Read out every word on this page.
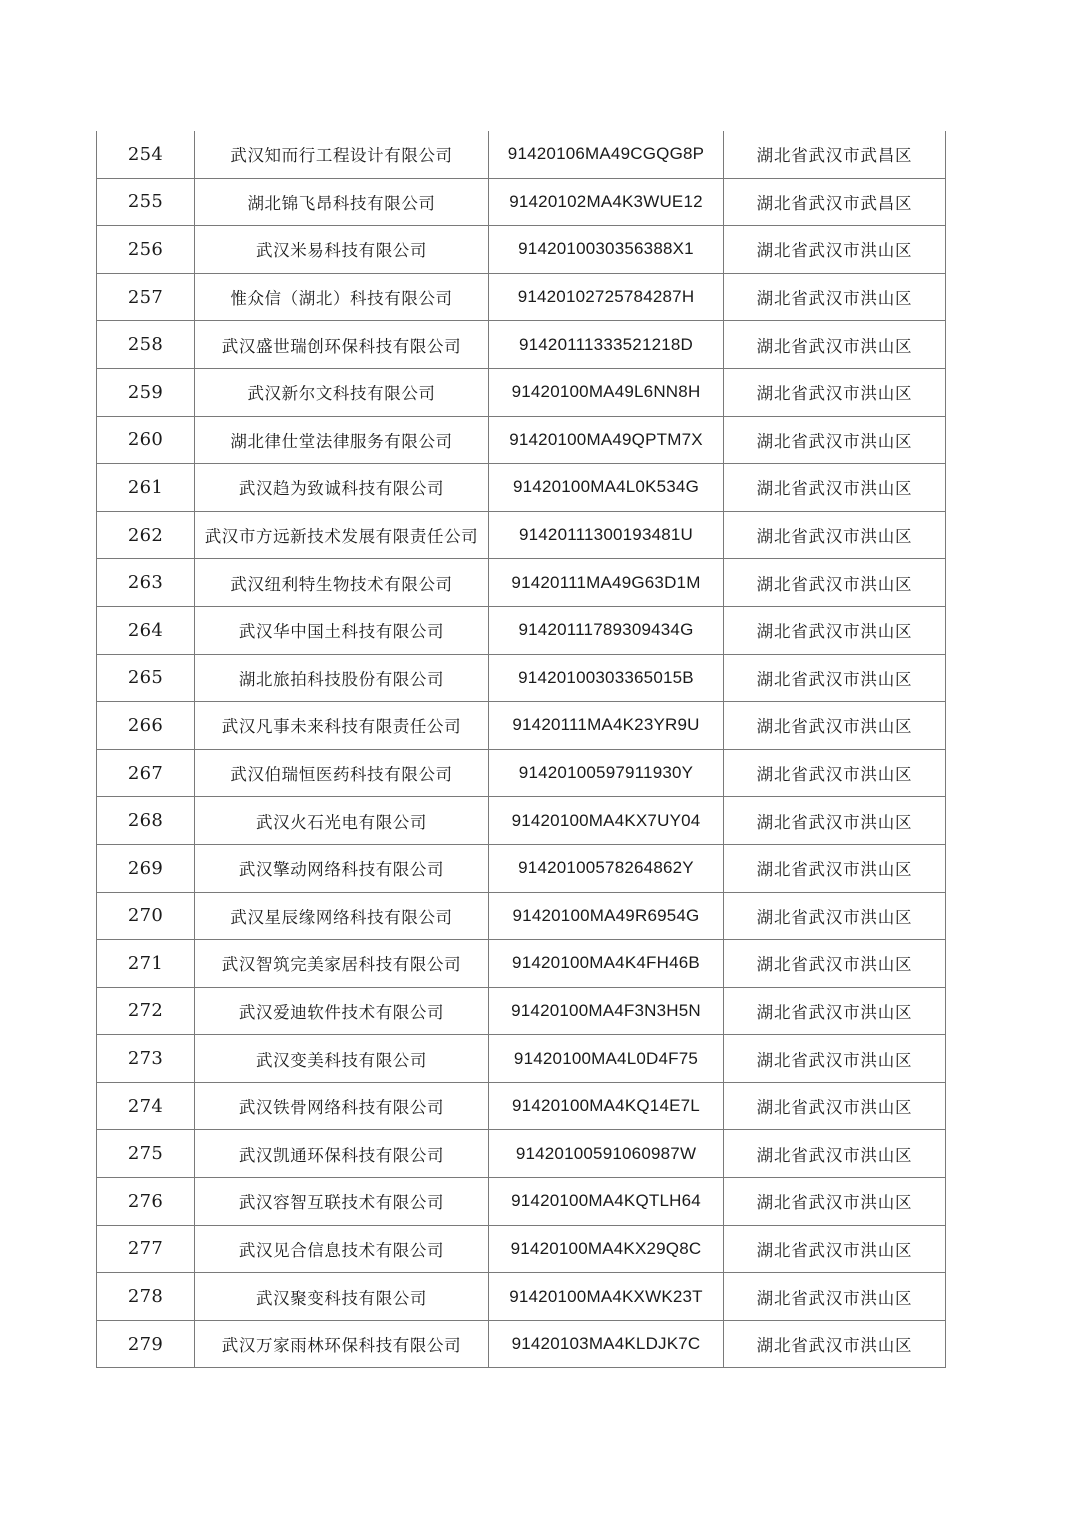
254	武汉知而行工程设计有限公司	91420106MA49CGQG8P	湖北省武汉市武昌区
255	湖北锦飞昂科技有限公司	91420102MA4K3WUE12	湖北省武汉市武昌区
256	武汉米易科技有限公司	9142010030356388X1	湖北省武汉市洪山区
257	惟众信（湖北）科技有限公司	91420102725784287H	湖北省武汉市洪山区
258	武汉盛世瑞创环保科技有限公司	91420111333521218D	湖北省武汉市洪山区
259	武汉新尔文科技有限公司	91420100MA49L6NN8H	湖北省武汉市洪山区
260	湖北律仕堂法律服务有限公司	91420100MA49QPTM7X	湖北省武汉市洪山区
261	武汉趋为致诚科技有限公司	91420100MA4L0K534G	湖北省武汉市洪山区
262	武汉市方远新技术发展有限责任公司	91420111300193481U	湖北省武汉市洪山区
263	武汉纽利特生物技术有限公司	91420111MA49G63D1M	湖北省武汉市洪山区
264	武汉华中国土科技有限公司	91420111789309434G	湖北省武汉市洪山区
265	湖北旅拍科技股份有限公司	91420100303365015B	湖北省武汉市洪山区
266	武汉凡事未来科技有限责任公司	91420111MA4K23YR9U	湖北省武汉市洪山区
267	武汉伯瑞恒医药科技有限公司	91420100597911930Y	湖北省武汉市洪山区
268	武汉火石光电有限公司	91420100MA4KX7UY04	湖北省武汉市洪山区
269	武汉擎动网络科技有限公司	91420100578264862Y	湖北省武汉市洪山区
270	武汉星辰缘网络科技有限公司	91420100MA49R6954G	湖北省武汉市洪山区
271	武汉智筑完美家居科技有限公司	91420100MA4K4FH46B	湖北省武汉市洪山区
272	武汉爱迪软件技术有限公司	91420100MA4F3N3H5N	湖北省武汉市洪山区
273	武汉变美科技有限公司	91420100MA4L0D4F75	湖北省武汉市洪山区
274	武汉铁骨网络科技有限公司	91420100MA4KQ14E7L	湖北省武汉市洪山区
275	武汉凯通环保科技有限公司	91420100591060987W	湖北省武汉市洪山区
276	武汉容智互联技术有限公司	91420100MA4KQTLH64	湖北省武汉市洪山区
277	武汉见合信息技术有限公司	91420100MA4KX29Q8C	湖北省武汉市洪山区
278	武汉聚变科技有限公司	91420100MA4KXWK23T	湖北省武汉市洪山区
279	武汉万家雨林环保科技有限公司	91420103MA4KLDJK7C	湖北省武汉市洪山区
